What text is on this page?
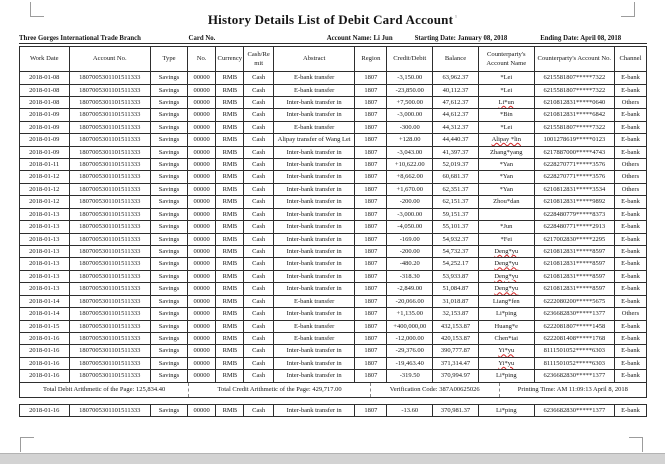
History Details List of Debit Card Account ¹
Three Gorges International Trade Branch	Card No.	Account Name: Li Jun	Starting Date: January 08, 2018	Ending Date: April 08, 2018
Work Date	Account No.	Type	No.	Currency	Cash/Remit	Abstract	Region	Credit/Debit	Balance	Counterparty's Account Name	Counterparty's Account No.	Channel ¹
2018-01-08	1807005301101511333	Savings	00000	RMB	Cash	E-bank transfer	1807	-3,150.00	63,962.37	*Lei	6215581807*****7322	E-bank ¹
2018-01-08	1807005301101511333	Savings	00000	RMB	Cash	E-bank transfer	1807	-23,850.00	40,112.37	*Lei	6215581807*****7322	E-bank ¹
2018-01-08	1807005301101511333	Savings	00000	RMB	Cash	Inter-bank transfer in	1807	+7,500.00	47,612.37	Li*un	6210812831*****0640	Others ¹
2018-01-09	1807005301101511333	Savings	00000	RMB	Cash	Inter-bank transfer in	1807	-3,000.00	44,612.37	*Bin	6210812831*****6842	E-bank ¹
2018-01-09	1807005301101511333	Savings	00000	RMB	Cash	E-bank transfer	1807	-300.00	44,312.37	*Lei	6215581807*****7322	E-bank ¹
2018-01-09	1807005301101511333	Savings	00000	RMB	Cash	Alipay transfer of Wang Lei	1807	+128.00	44,440.37	Alipay *lin	1001278619*****0123	E-bank ¹
2018-01-09	1807005301101511333	Savings	00000	RMB	Cash	Inter-bank transfer in	1807	-3,043.00	41,397.37	Zhang*yang	6217887000*****4743	E-bank ¹
2018-01-11	1807005301101511333	Savings	00000	RMB	Cash	Inter-bank transfer in	1807	+10,622.00	52,019.37	*Yan	6228270771*****3576	Others ¹
2018-01-12	1807005301101511333	Savings	00000	RMB	Cash	Inter-bank transfer in	1807	+8,662.00	60,681.37	*Yan	6228270771*****3576	Others ¹
2018-01-12	1807005301101511333	Savings	00000	RMB	Cash	Inter-bank transfer in	1807	+1,670.00	62,351.37	*Yan	6210812831*****3534	Others ¹
2018-01-12	1807005301101511333	Savings	00000	RMB	Cash	Inter-bank transfer in	1807	-200.00	62,151.37	Zhou*dan	6210812831*****9892	E-bank ¹
2018-01-13	1807005301101511333	Savings	00000	RMB	Cash	Inter-bank transfer in	1807	-3,000.00	59,151.37		6228480779*****8373	E-bank ¹
2018-01-13	1807005301101511333	Savings	00000	RMB	Cash	Inter-bank transfer in	1807	-4,050.00	55,101.37	*Jun	6228480771*****2913	E-bank ¹
2018-01-13	1807005301101511333	Savings	00000	RMB	Cash	Inter-bank transfer in	1807	-169.00	54,932.37	*Fei	6217002830*****2295	E-bank ¹
2018-01-13	1807005301101511333	Savings	00000	RMB	Cash	Inter-bank transfer in	1807	-200.00	54,732.37	Deng*yu	6210812831*****8597	E-bank ¹
2018-01-13	1807005301101511333	Savings	00000	RMB	Cash	Inter-bank transfer in	1807	-480.20	54,252.17	Deng*yu	6210812831*****8597	E-bank ¹
2018-01-13	1807005301101511333	Savings	00000	RMB	Cash	Inter-bank transfer in	1807	-318.30	53,933.87	Deng*yu	6210812831*****8597	E-bank ¹
2018-01-13	1807005301101511333	Savings	00000	RMB	Cash	Inter-bank transfer in	1807	-2,849.00	51,084.87	Deng*yu	6210812831*****8597	E-bank ¹
2018-01-14	1807005301101511333	Savings	00000	RMB	Cash	E-bank transfer	1807	-20,066.00	31,018.87	Liang*fen	6222080200*****5675	E-bank ¹
2018-01-14	1807005301101511333	Savings	00000	RMB	Cash	Inter-bank transfer in	1807	+1,135.00	32,153.87	Li*ping	6236682830*****1377	Others ¹
2018-01-15	1807005301101511333	Savings	00000	RMB	Cash	E-bank transfer	1807	+400,000,00	432,153.87	Huang*e	6222081807*****1458	E-bank ¹
2018-01-16	1807005301101511333	Savings	00000	RMB	Cash	E-bank transfer	1807	-12,000.00	420,153.87	Chen*tai	6222081408*****1768	E-bank ¹
2018-01-16	1807005301101511333	Savings	00000	RMB	Cash	Inter-bank transfer in	1807	-29,376.00	390,777.87	Yi*yu	8111501052*****6303	E-bank ¹
2018-01-16	1807005301101511333	Savings	00000	RMB	Cash	Inter-bank transfer in	1807	-19,463.40	371,314.47	Yi*yu	8111501052*****6303	E-bank ¹
2018-01-16	1807005301101511333	Savings	00000	RMB	Cash	Inter-bank transfer in	1807	-319.50	370,994.97	Li*ping	6236682830*****1377	E-bank ¹

Total Debit Arithmetic of the Page: 125,834.40 Total Credit Arithmetic of the Page: 429,717.00 Verification Code: 387A00625026 Printing Time: AM 11:09:13 April 8, 2018
¹
2018-01-16	1807005301101511333	Savings	00000	RMB	Cash	Inter-bank transfer in	1807	-13.60	370,981.37	Li*ping	6236682830*****1377	E-bank ¹
